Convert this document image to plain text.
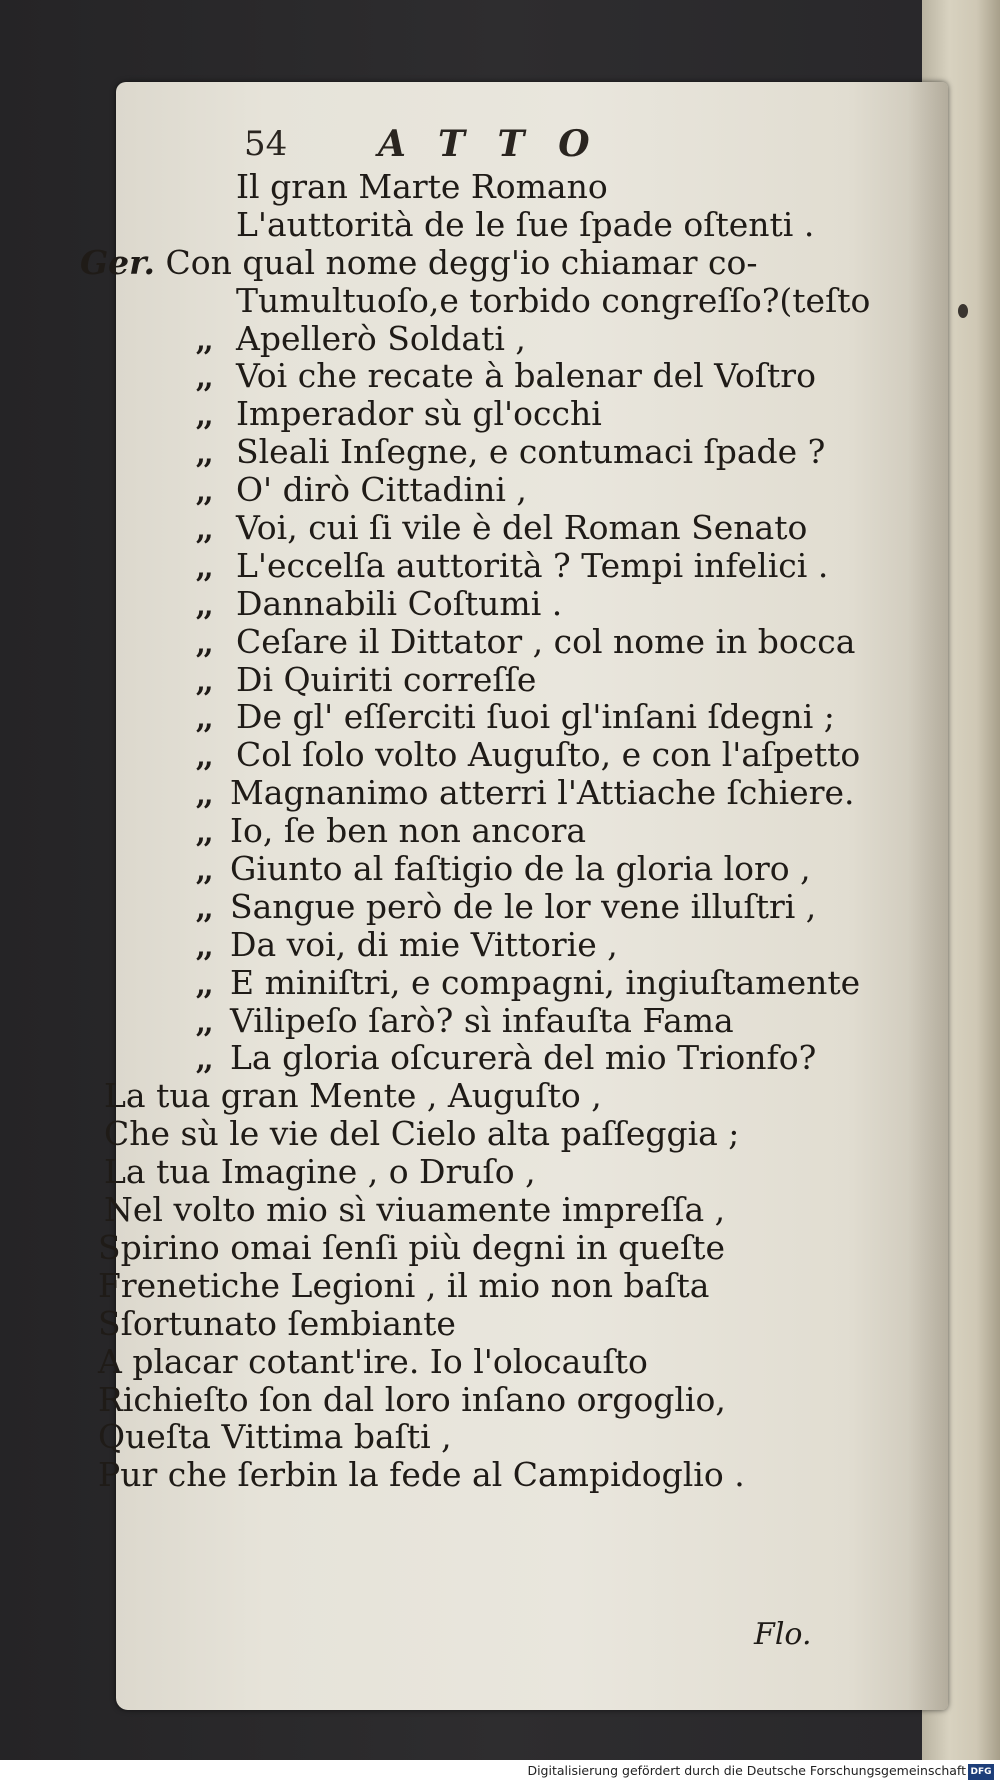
54	ATTO
Il gran Marte Romano
L'auttorità de le ſue ſpade oſtenti .
Ger. Con qual nome degg'io chiamar co-
Tumultuoſo,e torbido congreſſo?(teſto
,, Apellerò Soldati ,
,, Voi che recate à balenar del Voſtro
,, Imperador sù gl'occhi
,, Sleali Inſegne, e contumaci ſpade ?
,, O' dirò Cittadini ,
,, Voi, cui ſi vile è del Roman Senato
,, L'eccelſa auttorità ? Tempi infelici .
,, Dannabili Coſtumi .
,, Ceſare il Dittator , col nome in bocca
,, Di Quiriti correſſe
,, De gl' eſſerciti ſuoi gl'inſani ſdegni ;
,, Col ſolo volto Auguſto, e con l'aſpetto
,, Magnanimo atterri l'Attiache ſchiere.
,, Io, ſe ben non ancora
,, Giunto al faſtigio de la gloria loro ,
,, Sangue però de le lor vene illuſtri ,
,, Da voi, di mie Vittorie ,
,, E miniſtri, e compagni, ingiuſtamente
,, Vilipeſo ſarò? sì infauſta Fama
,, La gloria oſcurerà del mio Trionfo?
La tua gran Mente , Auguſto ,
Che sù le vie del Cielo alta paſſeggia ;
La tua Imagine , o Druſo ,
Nel volto mio sì viuamente impreſſa ,
Spirino omai ſenſi più degni in queſte
Frenetiche Legioni , il mio non baſta
Sſortunato ſembiante
A placar cotant'ire. Io l'olocauſto
Richieſto ſon dal loro inſano orgoglio,
Queſta Vittima baſti ,
Pur che ſerbin la fede al Campidoglio .
Flo.
Digitalisierung gefördert durch die Deutsche Forschungsgemeinschaft DFG
